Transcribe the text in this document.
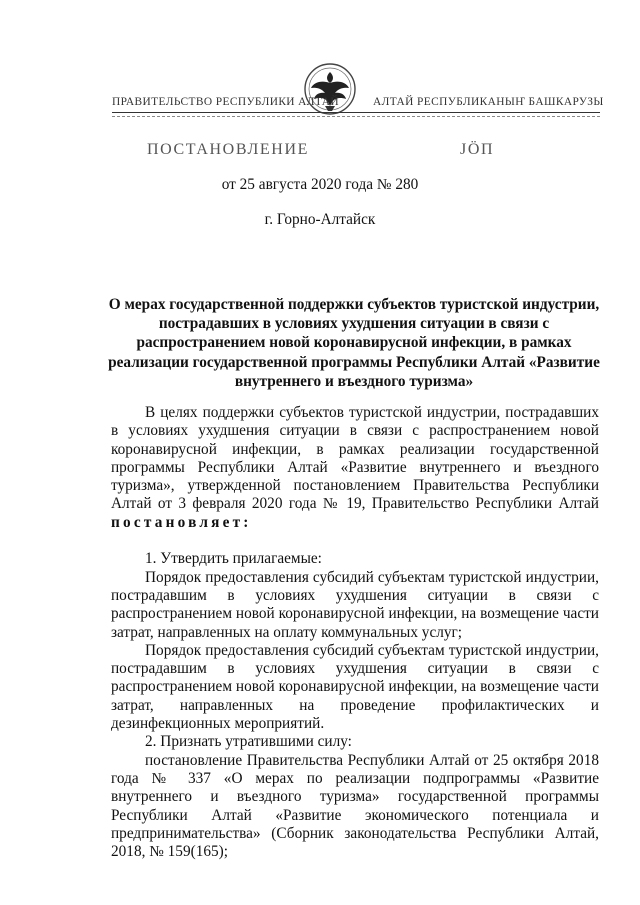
ПРАВИТЕЛЬСТВО РЕСПУБЛИКИ АЛТАЙ	АЛТАЙ РЕСПУБЛИКАНЫҤ БАШКАРУЗЫ
ПОСТАНОВЛЕНИЕ	ЈӦП
от 25 августа 2020 года № 280
г. Горно-Алтайск
О мерах государственной поддержки субъектов туристской индустрии, пострадавших в условиях ухудшения ситуации в связи с распространением новой коронавирусной инфекции, в рамках реализации государственной программы Республики Алтай «Развитие внутреннего и въездного туризма»

В целях поддержки субъектов туристской индустрии, пострадавших в условиях ухудшения ситуации в связи с распространением новой коронавирусной инфекции, в рамках реализации государственной программы Республики Алтай «Развитие внутреннего и въездного туризма», утвержденной постановлением Правительства Республики Алтай от 3 февраля 2020 года № 19, Правительство Республики Алтай постановляет:

1. Утвердить прилагаемые:

Порядок предоставления субсидий субъектам туристской индустрии, пострадавшим в условиях ухудшения ситуации в связи с распространением новой коронавирусной инфекции, на возмещение части затрат, направленных на оплату коммунальных услуг;

Порядок предоставления субсидий субъектам туристской индустрии, пострадавшим в условиях ухудшения ситуации в связи с распространением новой коронавирусной инфекции, на возмещение части затрат, направленных на проведение профилактических и дезинфекционных мероприятий.

2. Признать утратившими силу:

постановление Правительства Республики Алтай от 25 октября 2018 года № 337 «О мерах по реализации подпрограммы «Развитие внутреннего и въездного туризма» государственной программы Республики Алтай «Развитие экономического потенциала и предпринимательства» (Сборник законодательства Республики Алтай, 2018, № 159(165);
